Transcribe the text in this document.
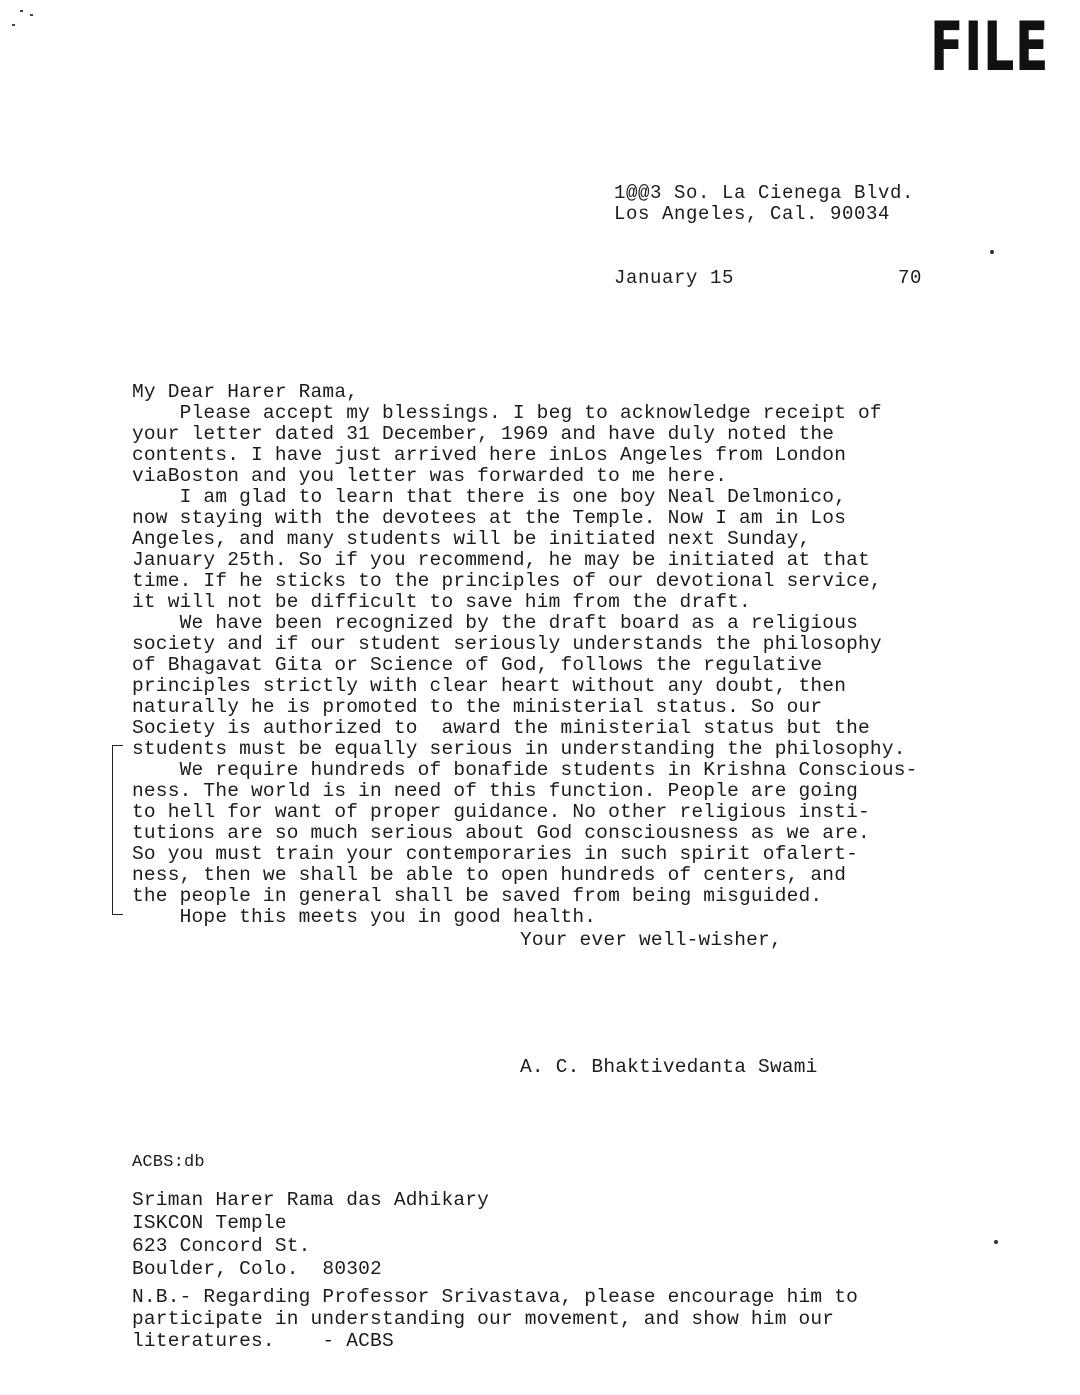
FILE
1@@3 So. La Cienega Blvd.
Los Angeles, Cal. 90034
January 15	70
My Dear Harer Rama,
Please accept my blessings. I beg to acknowledge receipt of
your letter dated 31 December, 1969 and have duly noted the
contents. I have just arrived here inLos Angeles from London
viaBoston and you letter was forwarded to me here.
I am glad to learn that there is one boy Neal Delmonico,
now staying with the devotees at the Temple. Now I am in Los
Angeles, and many students will be initiated next Sunday,
January 25th. So if you recommend, he may be initiated at that
time. If he sticks to the principles of our devotional service,
it will not be difficult to save him from the draft.
We have been recognized by the draft board as a religious
society and if our student seriously understands the philosophy
of Bhagavat Gita or Science of God, follows the regulative
principles strictly with clear heart without any doubt, then
naturally he is promoted to the ministerial status. So our
Society is authorized to  award the ministerial status but the
students must be equally serious in understanding the philosophy.
We require hundreds of bonafide students in Krishna Conscious-
ness. The world is in need of this function. People are going
to hell for want of proper guidance. No other religious insti-
tutions are so much serious about God consciousness as we are.
So you must train your contemporaries in such spirit ofalert-
ness, then we shall be able to open hundreds of centers, and
the people in general shall be saved from being misguided.
Hope this meets you in good health.
Your ever well-wisher,
A. C. Bhaktivedanta Swami
ACBS:db
Sriman Harer Rama das Adhikary
ISKCON Temple
623 Concord St.
Boulder, Colo.  80302
N.B.- Regarding Professor Srivastava, please encourage him to
participate in understanding our movement, and show him our
literatures.    - ACBS
